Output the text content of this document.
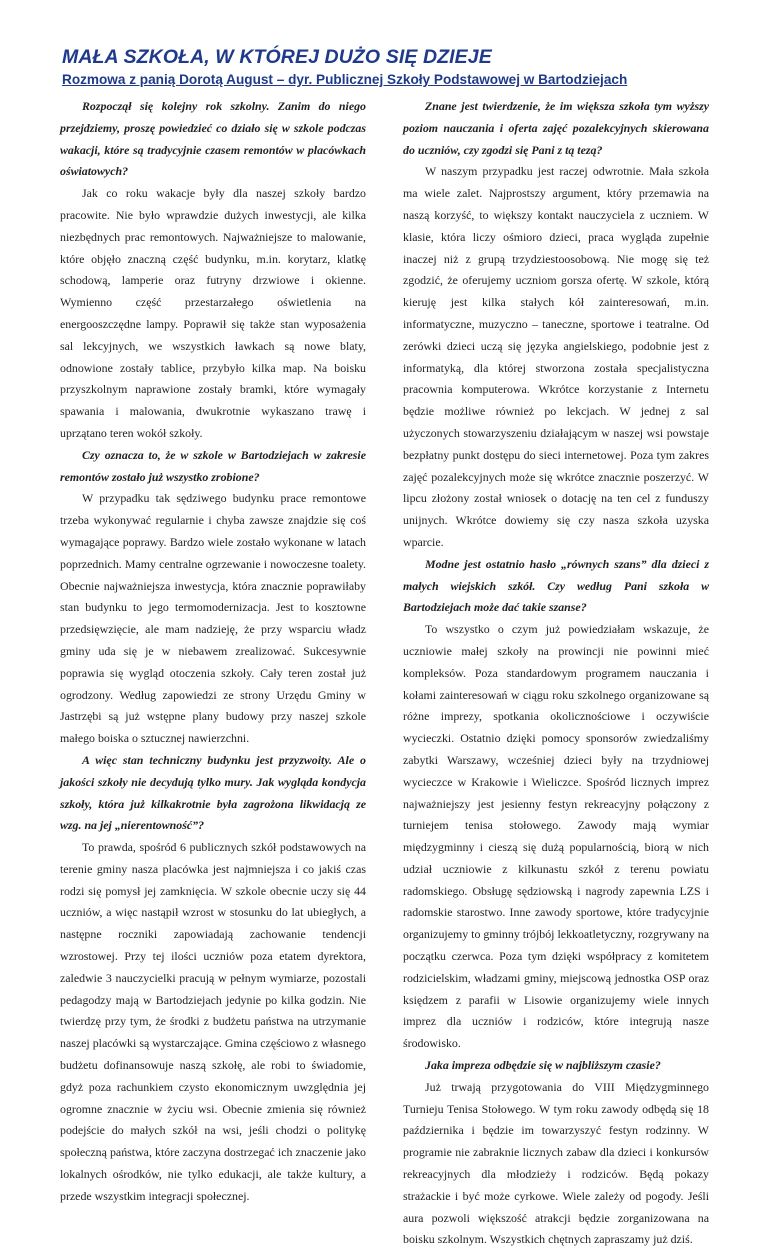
MAŁA SZKOŁA, W KTÓREJ DUŻO SIĘ DZIEJE
Rozmowa z panią Dorotą August – dyr. Publicznej Szkoły Podstawowej w Bartodziejach

Rozpoczął się kolejny rok szkolny. Zanim do niego przejdziemy, proszę powiedzieć co działo się w szkole podczas wakacji, które są tradycyjnie czasem remontów w placówkach oświatowych?

Jak co roku wakacje były dla naszej szkoły bardzo pracowite. Nie było wprawdzie dużych inwestycji, ale kilka niezbędnych prac remontowych. Najważniejsze to malowanie, które objęło znaczną część budynku, m.in. korytarz, klatkę schodową, lamperie oraz futryny drzwiowe i okienne. Wymienno część przestarzałego oświetlenia na energooszczędne lampy. Poprawił się także stan wyposażenia sal lekcyjnych, we wszystkich ławkach są nowe blaty, odnowione zostały tablice, przybyło kilka map. Na boisku przyszkolnym naprawione zostały bramki, które wymagały spawania i malowania, dwukrotnie wykaszano trawę i uprzątano teren wokół szkoły.

Czy oznacza to, że w szkole w Bartodziejach w zakresie remontów zostało już wszystko zrobione?

W przypadku tak sędziwego budynku prace remontowe trzeba wykonywać regularnie i chyba zawsze znajdzie się coś wymagające poprawy. Bardzo wiele zostało wykonane w latach poprzednich. Mamy centralne ogrzewanie i nowoczesne toalety. Obecnie najważniejsza inwestycja, która znacznie poprawiłaby stan budynku to jego termomodernizacja. Jest to kosztowne przedsięwzięcie, ale mam nadzieję, że przy wsparciu władz gminy uda się je w niebawem zrealizować. Sukcesywnie poprawia się wygląd otoczenia szkoły. Cały teren został już ogrodzony. Według zapowiedzi ze strony Urzędu Gminy w Jastrzębi są już wstępne plany budowy przy naszej szkole małego boiska o sztucznej nawierzchni.

A więc stan techniczny budynku jest przyzwoity. Ale o jakości szkoły nie decydują tylko mury. Jak wygląda kondycja szkoły, która już kilkakrotnie była zagrożona likwidacją ze wzg. na jej „nierentowność”?

To prawda, spośród 6 publicznych szkół podstawowych na terenie gminy nasza placówka jest najmniejsza i co jakiś czas rodzi się pomysł jej zamknięcia. W szkole obecnie uczy się 44 uczniów, a więc nastąpił wzrost w stosunku do lat ubiegłych, a następne roczniki zapowiadają zachowanie tendencji wzrostowej. Przy tej ilości uczniów poza etatem dyrektora, zaledwie 3 nauczycielki pracują w pełnym wymiarze, pozostali pedagodzy mają w Bartodziejach jedynie po kilka godzin. Nie twierdzę przy tym, że środki z budżetu państwa na utrzymanie naszej placówki są wystarczające. Gmina częściowo z własnego budżetu dofinansowuje naszą szkołę, ale robi to świadomie, gdyż poza rachunkiem czysto ekonomicznym uwzględnia jej ogromne znacznie w życiu wsi. Obecnie zmienia się również podejście do małych szkół na wsi, jeśli chodzi o politykę społeczną państwa, które zaczyna dostrzegać ich znaczenie jako lokalnych ośrodków, nie tylko edukacji, ale także kultury, a przede wszystkim integracji społecznej.

Znane jest twierdzenie, że im większa szkoła tym wyższy poziom nauczania i oferta zajęć pozalekcyjnych skierowana do uczniów, czy zgodzi się Pani z tą tezą?

W naszym przypadku jest raczej odwrotnie. Mała szkoła ma wiele zalet. Najprostszy argument, który przemawia na naszą korzyść, to większy kontakt nauczyciela z uczniem. W klasie, która liczy ośmioro dzieci, praca wygląda zupełnie inaczej niż z grupą trzydziestoosobową. Nie mogę się też zgodzić, że oferujemy uczniom gorsza ofertę. W szkole, którą kieruję jest kilka stałych kół zainteresowań, m.in. informatyczne, muzyczno – taneczne, sportowe i teatralne. Od zerówki dzieci uczą się języka angielskiego, podobnie jest z informatyką, dla której stworzona została specjalistyczna pracownia komputerowa. Wkrótce korzystanie z Internetu będzie możliwe również po lekcjach. W jednej z sal użyczonych stowarzyszeniu działającym w naszej wsi powstaje bezpłatny punkt dostępu do sieci internetowej. Poza tym zakres zajęć pozalekcyjnych może się wkrótce znacznie poszerzyć. W lipcu złożony został wniosek o dotację na ten cel z funduszy unijnych. Wkrótce dowiemy się czy nasza szkoła uzyska wparcie.

Modne jest ostatnio hasło „równych szans” dla dzieci z małych wiejskich szkół. Czy według Pani szkoła w Bartodziejach może dać takie szanse?

To wszystko o czym już powiedziałam wskazuje, że uczniowie małej szkoły na prowincji nie powinni mieć kompleksów. Poza standardowym programem nauczania i kołami zainteresowań w ciągu roku szkolnego organizowane są różne imprezy, spotkania okolicznościowe i oczywiście wycieczki. Ostatnio dzięki pomocy sponsorów zwiedzaliśmy zabytki Warszawy, wcześniej dzieci były na trzydniowej wycieczce w Krakowie i Wieliczce. Spośród licznych imprez najważniejszy jest jesienny festyn rekreacyjny połączony z turniejem tenisa stołowego. Zawody mają wymiar międzygminny i cieszą się dużą popularnością, biorą w nich udział uczniowie z kilkunastu szkół z terenu powiatu radomskiego. Obsługę sędziowską i nagrody zapewnia LZS i radomskie starostwo. Inne zawody sportowe, które tradycyjnie organizujemy to gminny trójbój lekkoatletyczny, rozgrywany na początku czerwca. Poza tym dzięki współpracy z komitetem rodzicielskim, władzami gminy, miejscową jednostka OSP oraz księdzem z parafii w Lisowie organizujemy wiele innych imprez dla uczniów i rodziców, które integrują nasze środowisko.

Jaka impreza odbędzie się w najbliższym czasie?

Już trwają przygotowania do VIII Międzygminnego Turnieju Tenisa Stołowego. W tym roku zawody odbędą się 18 października i będzie im towarzyszyć festyn rodzinny. W programie nie zabraknie licznych zabaw dla dzieci i konkursów rekreacyjnych dla młodzieży i rodziców. Będą pokazy strażackie i być może cyrkowe. Wiele zależy od pogody. Jeśli aura pozwoli większość atrakcji będzie zorganizowana na boisku szkolnym. Wszystkich chętnych zapraszamy już dziś.
